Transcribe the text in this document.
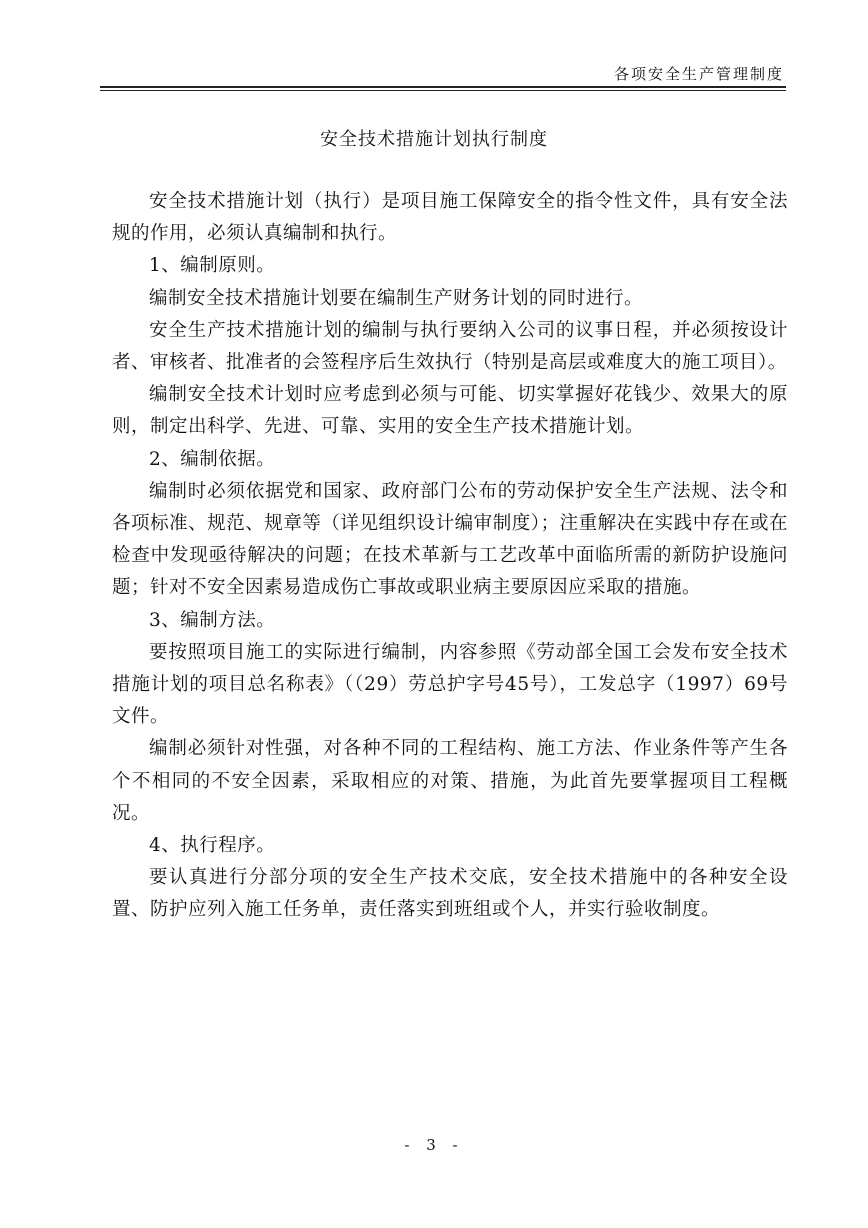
各项安全生产管理制度
安全技术措施计划执行制度

安全技术措施计划（执行）是项目施工保障安全的指令性文件，具有安全法规的作用，必须认真编制和执行。

1、编制原则。

编制安全技术措施计划要在编制生产财务计划的同时进行。

安全生产技术措施计划的编制与执行要纳入公司的议事日程，并必须按设计者、审核者、批准者的会签程序后生效执行（特别是高层或难度大的施工项目）。

编制安全技术计划时应考虑到必须与可能、切实掌握好花钱少、效果大的原则，制定出科学、先进、可靠、实用的安全生产技术措施计划。

2、编制依据。

编制时必须依据党和国家、政府部门公布的劳动保护安全生产法规、法令和各项标准、规范、规章等（详见组织设计编审制度）；注重解决在实践中存在或在检查中发现亟待解决的问题；在技术革新与工艺改革中面临所需的新防护设施问题；针对不安全因素易造成伤亡事故或职业病主要原因应采取的措施。

3、编制方法。

要按照项目施工的实际进行编制，内容参照《劳动部全国工会发布安全技术措施计划的项目总名称表》（（29）劳总护字号45号），工发总字（1997）69号文件。

编制必须针对性强，对各种不同的工程结构、施工方法、作业条件等产生各个不相同的不安全因素，采取相应的对策、措施，为此首先要掌握项目工程概况。

4、执行程序。

要认真进行分部分项的安全生产技术交底，安全技术措施中的各种安全设置、防护应列入施工任务单，责任落实到班组或个人，并实行验收制度。

- 3 -
